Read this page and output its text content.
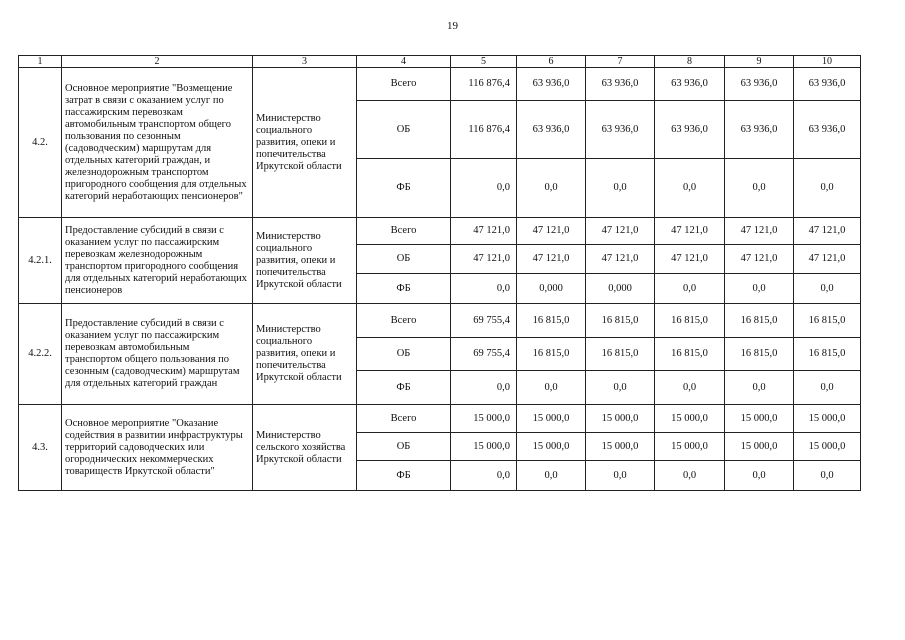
19
1	2	3	4	5	6	7	8	9	10
4.2.	Основное мероприятие "Возмещение затрат в связи с оказанием услуг по пассажирским перевозкам автомобильным транспортом общего пользования по сезонным (садоводческим) маршрутам для отдельных категорий граждан, и железнодорожным транспортом пригородного сообщения для отдельных категорий неработающих пенсионеров"	Министерство социального развития, опеки и попечительства Иркутской области	Всего	116 876,4	63 936,0	63 936,0	63 936,0	63 936,0	63 936,0
			ОБ	116 876,4	63 936,0	63 936,0	63 936,0	63 936,0	63 936,0
			ФБ	0,0	0,0	0,0	0,0	0,0	0,0
4.2.1.	Предоставление субсидий в связи с оказанием услуг по пассажирским перевозкам железнодорожным транспортом пригородного сообщения для отдельных категорий неработающих пенсионеров	Министерство социального развития, опеки и попечительства Иркутской области	Всего	47 121,0	47 121,0	47 121,0	47 121,0	47 121,0	47 121,0
			ОБ	47 121,0	47 121,0	47 121,0	47 121,0	47 121,0	47 121,0
			ФБ	0,0	0,000	0,000	0,0	0,0	0,0
4.2.2.	Предоставление субсидий в связи с оказанием услуг по пассажирским перевозкам автомобильным транспортом общего пользования по сезонным (садоводческим) маршрутам для отдельных категорий граждан	Министерство социального развития, опеки и попечительства Иркутской области	Всего	69 755,4	16 815,0	16 815,0	16 815,0	16 815,0	16 815,0
			ОБ	69 755,4	16 815,0	16 815,0	16 815,0	16 815,0	16 815,0
			ФБ	0,0	0,0	0,0	0,0	0,0	0,0
4.3.	Основное мероприятие "Оказание содействия в развитии инфраструктуры территорий садоводческих или огороднических некоммерческих товариществ Иркутской области"	Министерство сельского хозяйства Иркутской области	Всего	15 000,0	15 000,0	15 000,0	15 000,0	15 000,0	15 000,0
			ОБ	15 000,0	15 000,0	15 000,0	15 000,0	15 000,0	15 000,0
			ФБ	0,0	0,0	0,0	0,0	0,0	0,0
